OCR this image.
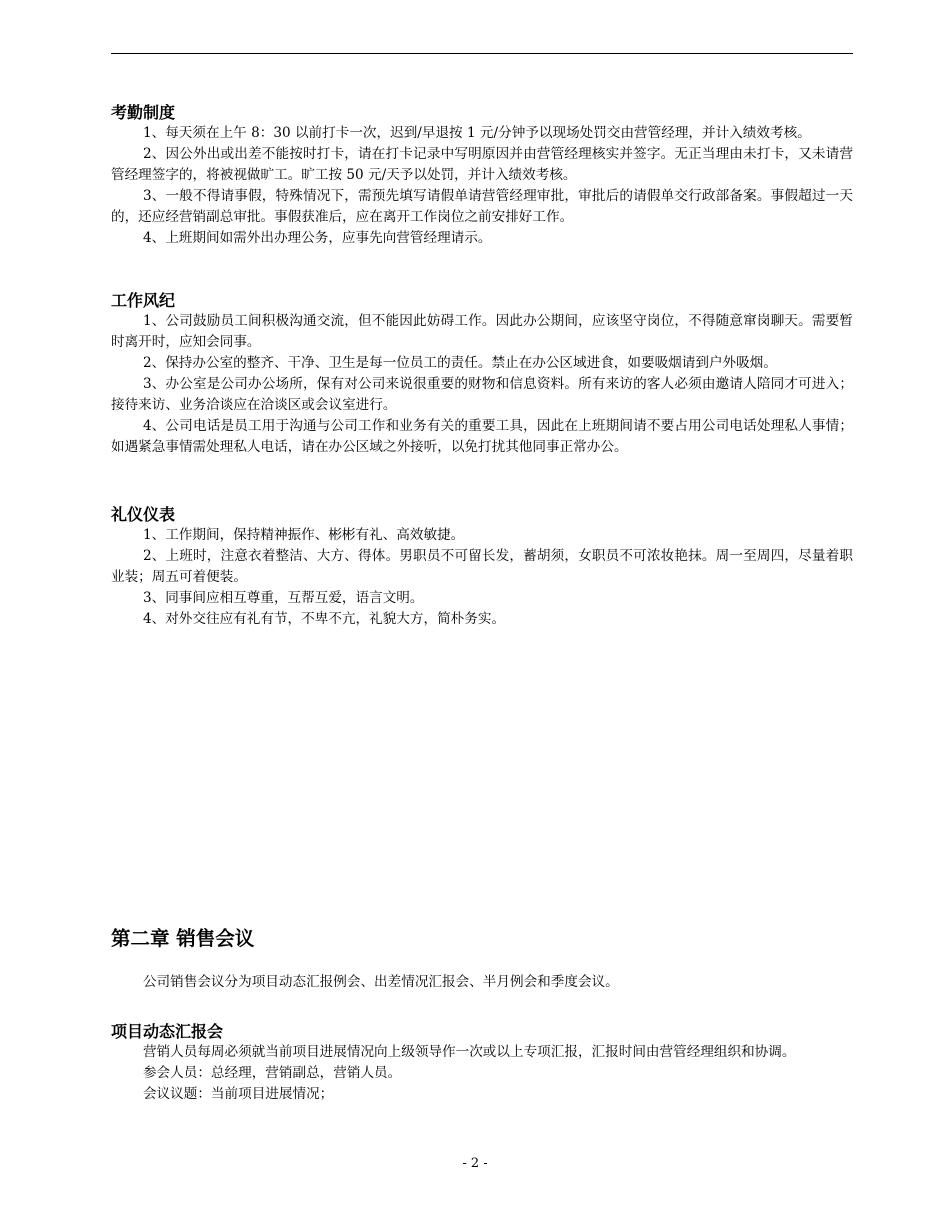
考勤制度

1、每天须在上午 8：30 以前打卡一次，迟到/早退按 1 元/分钟予以现场处罚交由营管经理，并计入绩效考核。

2、因公外出或出差不能按时打卡，请在打卡记录中写明原因并由营管经理核实并签字。无正当理由未打卡，又未请营管经理签字的，将被视做旷工。旷工按 50 元/天予以处罚，并计入绩效考核。

3、一般不得请事假，特殊情况下，需预先填写请假单请营管经理审批，审批后的请假单交行政部备案。事假超过一天的，还应经营销副总审批。事假获准后，应在离开工作岗位之前安排好工作。

4、上班期间如需外出办理公务，应事先向营管经理请示。

工作风纪

1、公司鼓励员工间积极沟通交流，但不能因此妨碍工作。因此办公期间，应该坚守岗位，不得随意窜岗聊天。需要暂时离开时，应知会同事。

2、保持办公室的整齐、干净、卫生是每一位员工的责任。禁止在办公区域进食，如要吸烟请到户外吸烟。

3、办公室是公司办公场所，保有对公司来说很重要的财物和信息资料。所有来访的客人必须由邀请人陪同才可进入；接待来访、业务洽谈应在洽谈区或会议室进行。

4、公司电话是员工用于沟通与公司工作和业务有关的重要工具，因此在上班期间请不要占用公司电话处理私人事情；如遇紧急事情需处理私人电话，请在办公区域之外接听，以免打扰其他同事正常办公。

礼仪仪表

1、工作期间，保持精神振作、彬彬有礼、高效敏捷。

2、上班时，注意衣着整洁、大方、得体。男职员不可留长发，蓄胡须，女职员不可浓妆艳抹。周一至周四，尽量着职业装；周五可着便装。

3、同事间应相互尊重，互帮互爱，语言文明。

4、对外交往应有礼有节，不卑不亢，礼貌大方，简朴务实。

第二章 销售会议

公司销售会议分为项目动态汇报例会、出差情况汇报会、半月例会和季度会议。

项目动态汇报会

营销人员每周必须就当前项目进展情况向上级领导作一次或以上专项汇报，汇报时间由营管经理组织和协调。

参会人员：总经理，营销副总，营销人员。

会议议题：当前项目进展情况；

- 2 -
